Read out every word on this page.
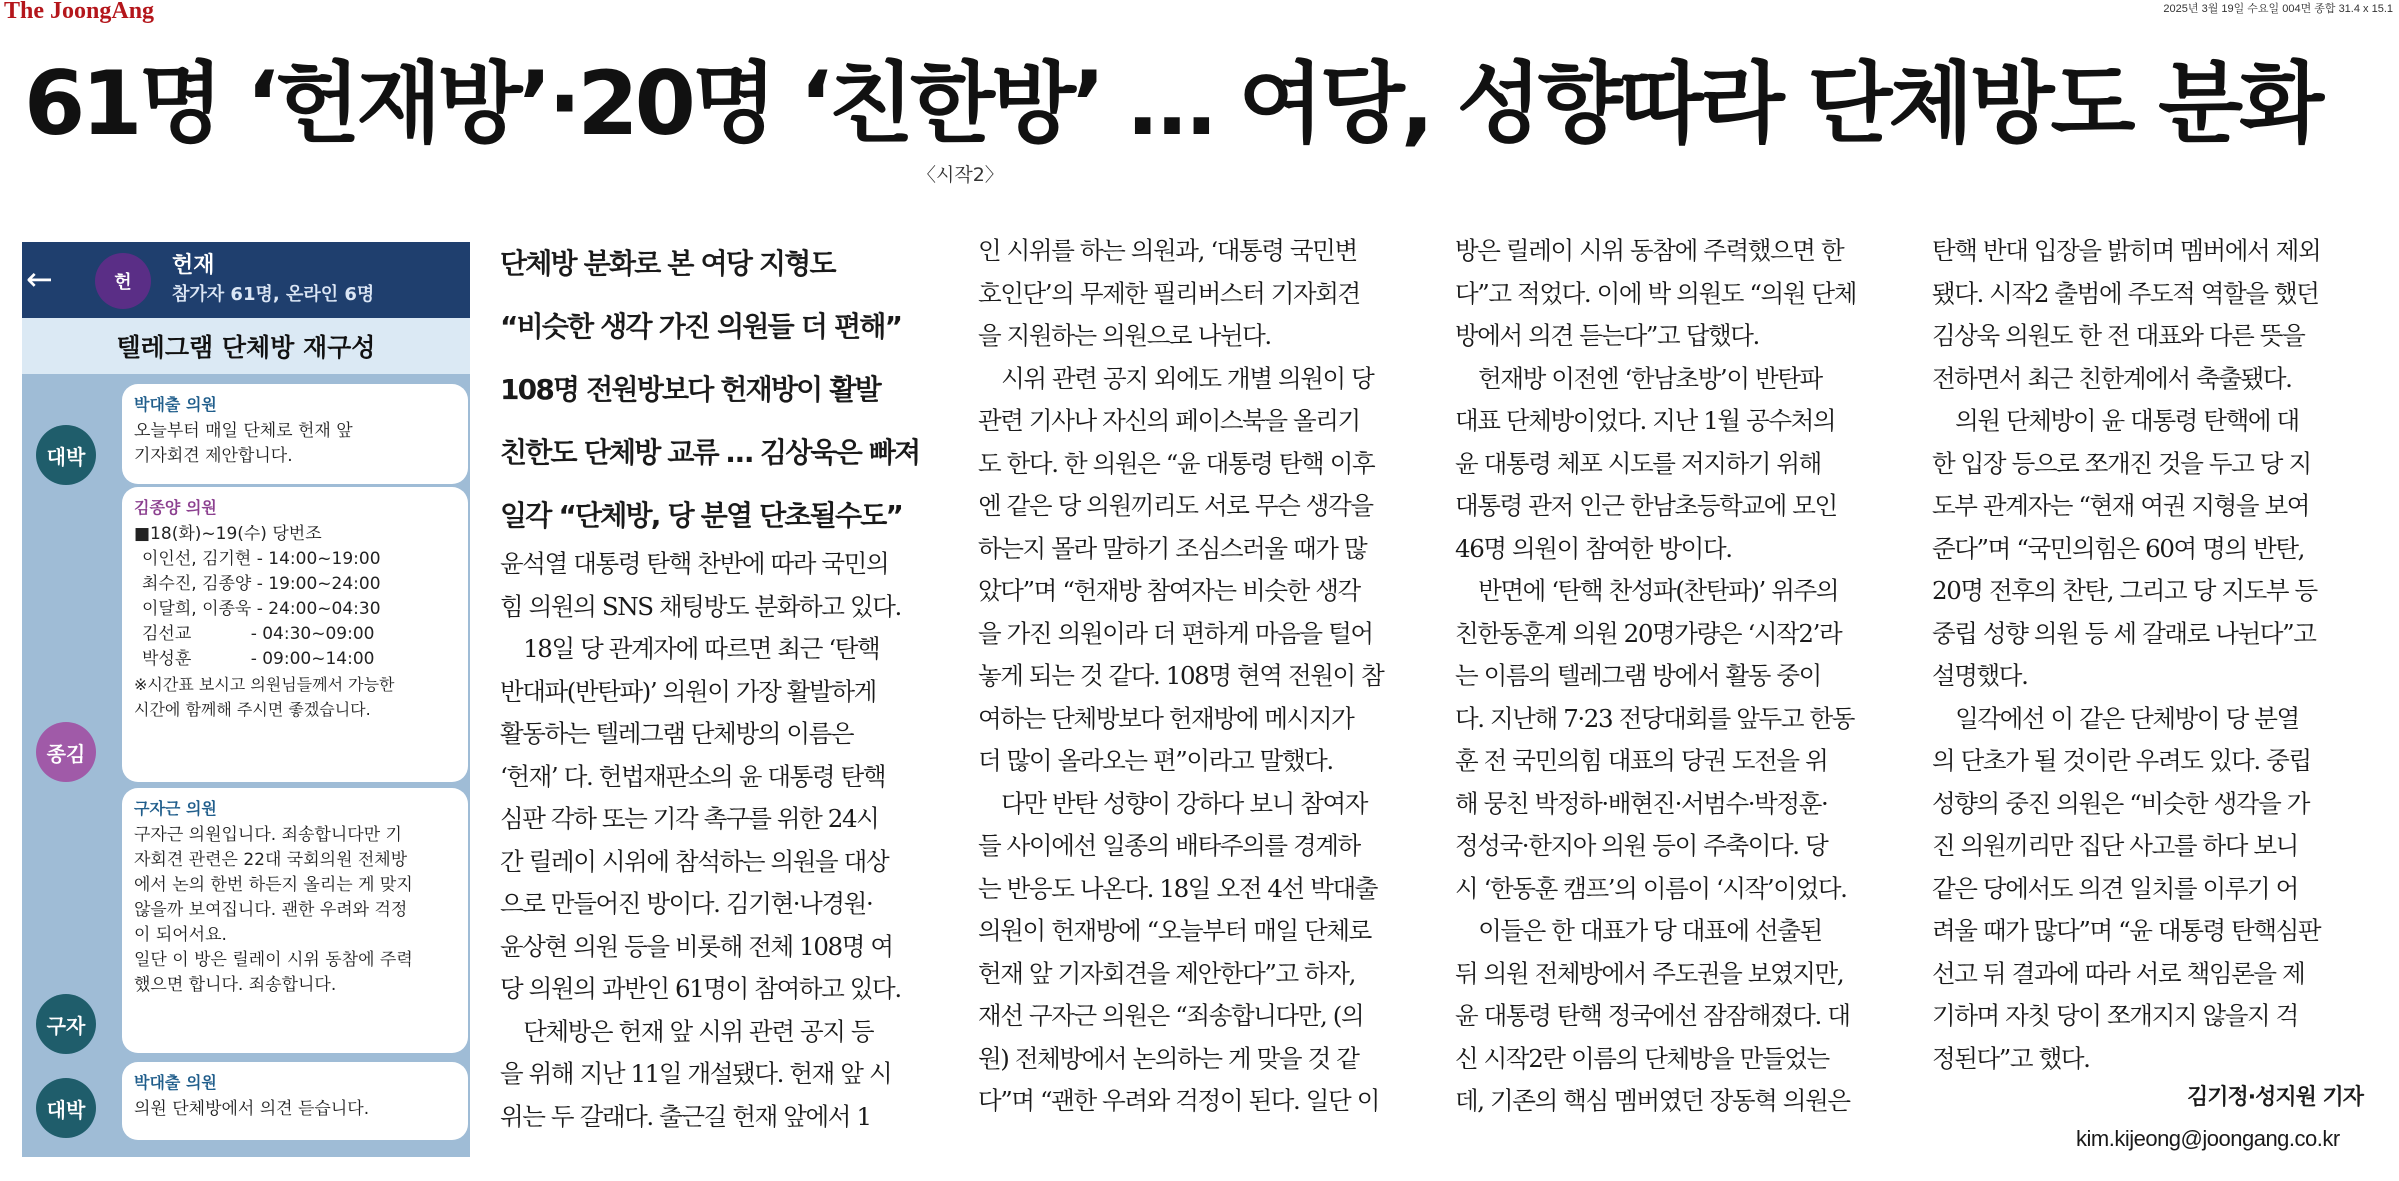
The JoongAng	2025년 3월 19일 수요일 004면 종합 31.4 x 15.1
61명 ‘헌재방’·20명 ‘친한방’ … 여당, 성향따라 단체방도 분화
〈시작2〉
←	헌
헌재
참가자 61명, 온라인 6명
텔레그램 단체방 재구성
대박
박대출 의원
오늘부터 매일 단체로 헌재 앞
기자회견 제안합니다.
종김
김종양 의원
■18(화)~19(수) 당번조
이인선, 김기현 - 14:00~19:00
최수진, 김종양 - 19:00~24:00
이달희, 이종욱 - 24:00~04:30
김선교           - 04:30~09:00
박성훈           - 09:00~14:00
※시간표 보시고 의원님들께서 가능한
시간에 함께해 주시면 좋겠습니다.
구자
구자근 의원
구자근 의원입니다. 죄송합니다만 기
자회견 관련은 22대 국회의원 전체방
에서 논의 한번 하든지 올리는 게 맞지
않을까 보여집니다. 괜한 우려와 걱정
이 되어서요.
일단 이 방은 릴레이 시위 동참에 주력
했으면 합니다. 죄송합니다.
대박
박대출 의원
의원 단체방에서 의견 듣습니다.
단체방 분화로 본 여당 지형도
“비슷한 생각 가진 의원들 더 편해”
108명 전원방보다 헌재방이 활발
친한도 단체방 교류 … 김상욱은 빠져
일각 “단체방, 당 분열 단초될수도”
윤석열 대통령 탄핵 찬반에 따라 국민의
힘 의원의 SNS 채팅방도 분화하고 있다.
　18일 당 관계자에 따르면 최근 ‘탄핵
반대파(반탄파)’ 의원이 가장 활발하게
활동하는 텔레그램 단체방의 이름은
‘헌재’ 다. 헌법재판소의 윤 대통령 탄핵
심판 각하 또는 기각 촉구를 위한 24시
간 릴레이 시위에 참석하는 의원을 대상
으로 만들어진 방이다. 김기현·나경원·
윤상현 의원 등을 비롯해 전체 108명 여
당 의원의 과반인 61명이 참여하고 있다.
　단체방은 헌재 앞 시위 관련 공지 등
을 위해 지난 11일 개설됐다. 헌재 앞 시
위는 두 갈래다. 출근길 헌재 앞에서 1
인 시위를 하는 의원과, ‘대통령 국민변
호인단’의 무제한 필리버스터 기자회견
을 지원하는 의원으로 나뉜다.
　시위 관련 공지 외에도 개별 의원이 당
관련 기사나 자신의 페이스북을 올리기
도 한다. 한 의원은 “윤 대통령 탄핵 이후
엔 같은 당 의원끼리도 서로 무슨 생각을
하는지 몰라 말하기 조심스러울 때가 많
았다”며 “헌재방 참여자는 비슷한 생각
을 가진 의원이라 더 편하게 마음을 털어
놓게 되는 것 같다. 108명 현역 전원이 참
여하는 단체방보다 헌재방에 메시지가
더 많이 올라오는 편”이라고 말했다.
　다만 반탄 성향이 강하다 보니 참여자
들 사이에선 일종의 배타주의를 경계하
는 반응도 나온다. 18일 오전 4선 박대출
의원이 헌재방에 “오늘부터 매일 단체로
헌재 앞 기자회견을 제안한다”고 하자,
재선 구자근 의원은 “죄송합니다만, (의
원) 전체방에서 논의하는 게 맞을 것 같
다”며 “괜한 우려와 걱정이 된다. 일단 이
방은 릴레이 시위 동참에 주력했으면 한
다”고 적었다. 이에 박 의원도 “의원 단체
방에서 의견 듣는다”고 답했다.
　헌재방 이전엔 ‘한남초방’이 반탄파
대표 단체방이었다. 지난 1월 공수처의
윤 대통령 체포 시도를 저지하기 위해
대통령 관저 인근 한남초등학교에 모인
46명 의원이 참여한 방이다.
　반면에 ‘탄핵 찬성파(찬탄파)’ 위주의
친한동훈계 의원 20명가량은 ‘시작2’라
는 이름의 텔레그램 방에서 활동 중이
다. 지난해 7·23 전당대회를 앞두고 한동
훈 전 국민의힘 대표의 당권 도전을 위
해 뭉친 박정하·배현진·서범수·박정훈·
정성국·한지아 의원 등이 주축이다. 당
시 ‘한동훈 캠프’의 이름이 ‘시작’이었다.
　이들은 한 대표가 당 대표에 선출된
뒤 의원 전체방에서 주도권을 보였지만,
윤 대통령 탄핵 정국에선 잠잠해졌다. 대
신 시작2란 이름의 단체방을 만들었는
데, 기존의 핵심 멤버였던 장동혁 의원은
탄핵 반대 입장을 밝히며 멤버에서 제외
됐다. 시작2 출범에 주도적 역할을 했던
김상욱 의원도 한 전 대표와 다른 뜻을
전하면서 최근 친한계에서 축출됐다.
　의원 단체방이 윤 대통령 탄핵에 대
한 입장 등으로 쪼개진 것을 두고 당 지
도부 관계자는 “현재 여권 지형을 보여
준다”며 “국민의힘은 60여 명의 반탄,
20명 전후의 찬탄, 그리고 당 지도부 등
중립 성향 의원 등 세 갈래로 나뉜다”고
설명했다.
　일각에선 이 같은 단체방이 당 분열
의 단초가 될 것이란 우려도 있다. 중립
성향의 중진 의원은 “비슷한 생각을 가
진 의원끼리만 집단 사고를 하다 보니
같은 당에서도 의견 일치를 이루기 어
려울 때가 많다”며 “윤 대통령 탄핵심판
선고 뒤 결과에 따라 서로 책임론을 제
기하며 자칫 당이 쪼개지지 않을지 걱
정된다”고 했다.
김기정·성지원 기자
kim.kijeong@joongang.co.kr
